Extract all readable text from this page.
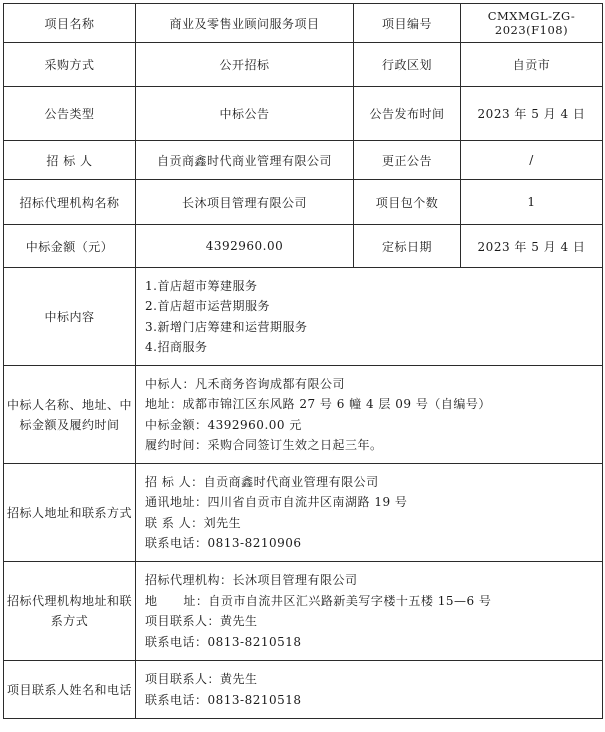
项目名称	商业及零售业顾问服务项目	项目编号	CMXMGL-ZG-2023(F108)
采购方式	公开招标	行政区划	自贡市
公告类型	中标公告	公告发布时间	2023 年 5 月 4 日
招 标 人	自贡商鑫时代商业管理有限公司	更正公告	/
招标代理机构名称	长沐项目管理有限公司	项目包个数	1
中标金额（元）	4392960.00	定标日期	2023 年 5 月 4 日
中标内容	1.首店超市筹建服务
2.首店超市运营期服务
3.新增门店筹建和运营期服务
4.招商服务		

中标人名称、地址、中标金额及履约时间	中标人：凡禾商务咨询成都有限公司
地址：成都市锦江区东风路 27 号 6 幢 4 层 09 号（自编号）
中标金额：4392960.00 元
履约时间：采购合同签订生效之日起三年。		

招标人地址和联系方式	招 标 人：自贡商鑫时代商业管理有限公司
通讯地址：四川省自贡市自流井区南湖路 19 号
联 系 人：刘先生
联系电话：0813-8210906		

招标代理机构地址和联系方式	招标代理机构：长沐项目管理有限公司
地      址：自贡市自流井区汇兴路新美写字楼十五楼 15—6 号
项目联系人：黄先生
联系电话：0813-8210518		

项目联系人姓名和电话	项目联系人：黄先生
联系电话：0813-8210518		
